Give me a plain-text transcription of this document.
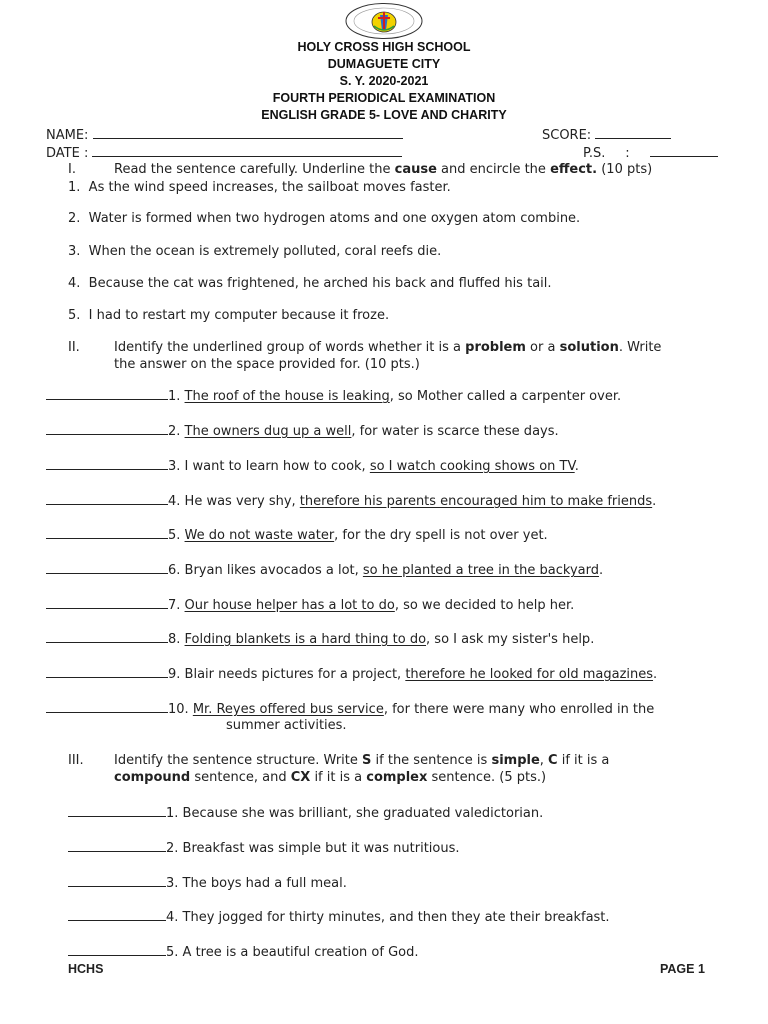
HOLY CROSS HIGH SCHOOL
DUMAGUETE CITY
S. Y. 2020-2021
FOURTH PERIODICAL EXAMINATION
ENGLISH GRADE 5- LOVE AND CHARITY
NAME:	SCORE:
DATE :	P.S. :
I.	Read the sentence carefully. Underline the cause and encircle the effect. (10 pts)
1. As the wind speed increases, the sailboat moves faster.
2. Water is formed when two hydrogen atoms and one oxygen atom combine.
3. When the ocean is extremely polluted, coral reefs die.
4. Because the cat was frightened, he arched his back and fluffed his tail.
5. I had to restart my computer because it froze.
II.	Identify the underlined group of words whether it is a problem or a solution. Write
the answer on the space provided for. (10 pts.)
1. The roof of the house is leaking, so Mother called a carpenter over.
2. The owners dug up a well, for water is scarce these days.
3. I want to learn how to cook, so I watch cooking shows on TV.
4. He was very shy, therefore his parents encouraged him to make friends.
5. We do not waste water, for the dry spell is not over yet.
6. Bryan likes avocados a lot, so he planted a tree in the backyard.
7. Our house helper has a lot to do, so we decided to help her.
8. Folding blankets is a hard thing to do, so I ask my sister's help.
9. Blair needs pictures for a project, therefore he looked for old magazines.
10. Mr. Reyes offered bus service, for there were many who enrolled in the
summer activities.
III. Identify the sentence structure. Write S if the sentence is simple, C if it is a
compound sentence, and CX if it is a complex sentence. (5 pts.)
1. Because she was brilliant, she graduated valedictorian.
2. Breakfast was simple but it was nutritious.
3. The boys had a full meal.
4. They jogged for thirty minutes, and then they ate their breakfast.
5. A tree is a beautiful creation of God.
HCHS	PAGE 1
